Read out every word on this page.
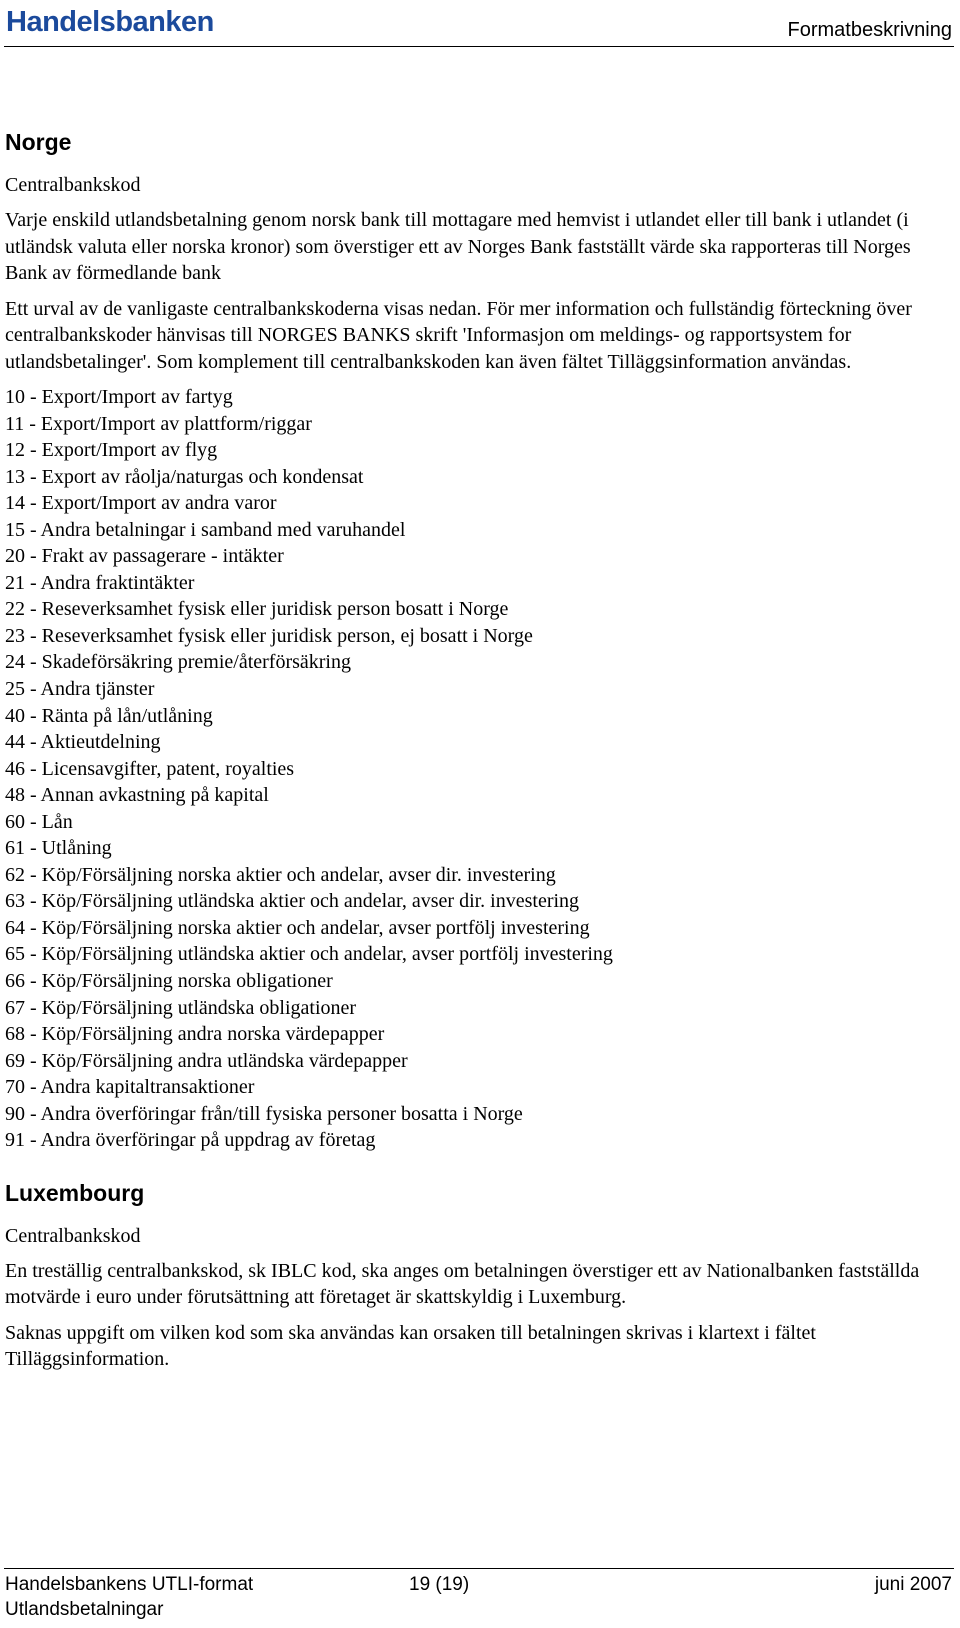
Handelsbanken	Formatbeskrivning
Norge
Centralbankskod

Varje enskild utlandsbetalning genom norsk bank till mottagare med hemvist i utlandet eller till bank i utlandet (i utländsk valuta eller norska kronor) som överstiger ett av Norges Bank fastställt värde ska rapporteras till Norges Bank av förmedlande bank

Ett urval av de vanligaste centralbankskoderna visas nedan. För mer information och fullständig förteckning över centralbankskoder hänvisas till NORGES BANKS skrift 'Informasjon om meldings- og rapportsystem for utlandsbetalinger'. Som komplement till centralbankskoden kan även fältet Tilläggsinformation användas.

10 - Export/Import av fartyg
11 - Export/Import av plattform/riggar
12 - Export/Import av flyg
13 - Export av råolja/naturgas och kondensat
14 - Export/Import av andra varor
15 - Andra betalningar i samband med varuhandel
20 - Frakt av passagerare - intäkter
21 - Andra fraktintäkter
22 - Reseverksamhet fysisk eller juridisk person bosatt i Norge
23 - Reseverksamhet fysisk eller juridisk person, ej bosatt i Norge
24 - Skadeförsäkring premie/återförsäkring
25 - Andra tjänster
40 - Ränta på lån/utlåning
44 - Aktieutdelning
46 - Licensavgifter, patent, royalties
48 - Annan avkastning på kapital
60 - Lån
61 - Utlåning
62 - Köp/Försäljning norska aktier och andelar, avser dir. investering
63 - Köp/Försäljning utländska aktier och andelar, avser dir. investering
64 - Köp/Försäljning norska aktier och andelar, avser portfölj investering
65 - Köp/Försäljning utländska aktier och andelar, avser portfölj investering
66 - Köp/Försäljning norska obligationer
67 - Köp/Försäljning utländska obligationer
68 - Köp/Försäljning andra norska värdepapper
69 - Köp/Försäljning andra utländska värdepapper
70 - Andra kapitaltransaktioner
90 - Andra överföringar från/till fysiska personer bosatta i Norge
91 - Andra överföringar på uppdrag av företag
Luxembourg
Centralbankskod

En treställig centralbankskod, sk IBLC kod, ska anges om betalningen överstiger ett av Nationalbanken fastställda motvärde i euro under förutsättning att företaget är skattskyldig i Luxemburg.

Saknas uppgift om vilken kod som ska användas kan orsaken till betalningen skrivas i klartext i fältet Tilläggsinformation.

Handelsbankens UTLI-format
Utlandsbetalningar
19 (19)	juni 2007
